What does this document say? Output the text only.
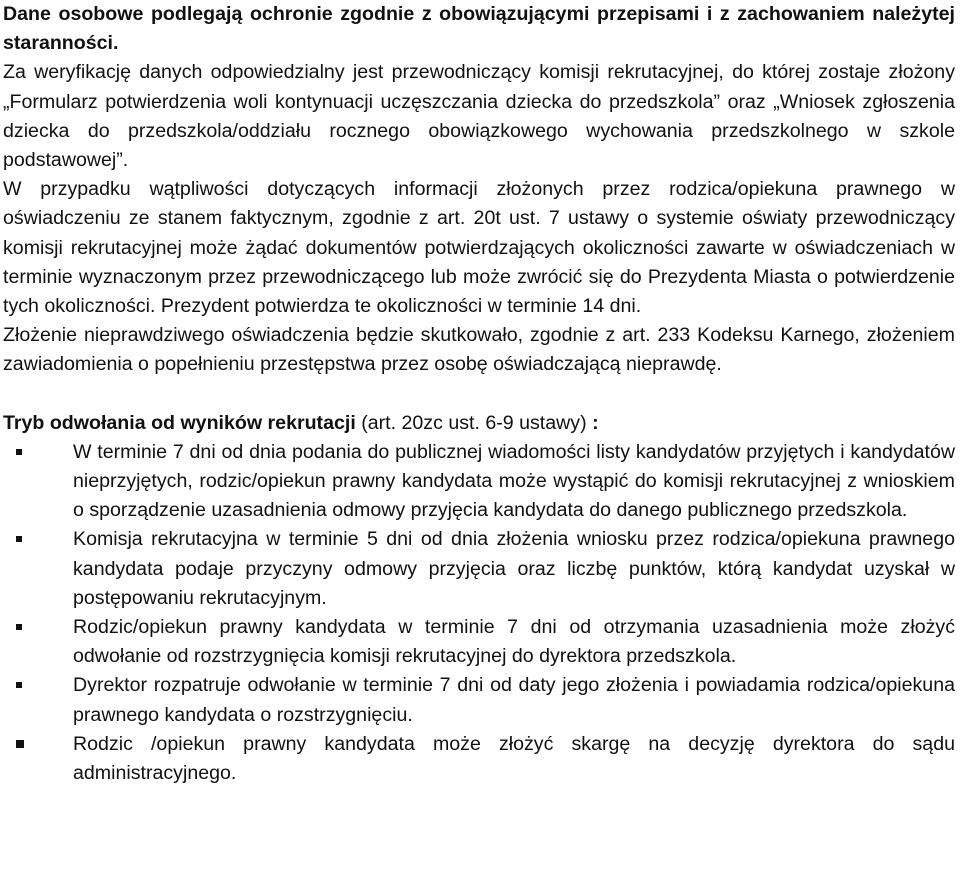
Dane osobowe podlegają ochronie zgodnie z obowiązującymi przepisami i z zachowaniem należytej staranności.

Za weryfikację danych odpowiedzialny jest przewodniczący komisji rekrutacyjnej, do której zostaje złożony „Formularz potwierdzenia woli kontynuacji uczęszczania dziecka do przedszkola” oraz „Wniosek zgłoszenia dziecka do przedszkola/oddziału rocznego obowiązkowego wychowania przedszkolnego w szkole podstawowej”.

W przypadku wątpliwości dotyczących informacji złożonych przez rodzica/opiekuna prawnego w oświadczeniu ze stanem faktycznym, zgodnie z art. 20t ust. 7 ustawy o systemie oświaty przewodniczący komisji rekrutacyjnej może żądać dokumentów potwierdzających okoliczności zawarte w oświadczeniach w terminie wyznaczonym przez przewodniczącego lub może zwrócić się do Prezydenta Miasta o potwierdzenie tych okoliczności. Prezydent potwierdza te okoliczności w terminie 14 dni.

Złożenie nieprawdziwego oświadczenia będzie skutkowało, zgodnie z art. 233 Kodeksu Karnego, złożeniem zawiadomienia o popełnieniu przestępstwa przez osobę oświadczającą nieprawdę.

Tryb odwołania od wyników rekrutacji (art. 20zc ust. 6-9 ustawy) :

W terminie 7 dni od dnia podania do publicznej wiadomości listy kandydatów przyjętych i kandydatów nieprzyjętych, rodzic/opiekun prawny kandydata może wystąpić do komisji rekrutacyjnej z wnioskiem o sporządzenie uzasadnienia odmowy przyjęcia kandydata do danego publicznego przedszkola.
Komisja rekrutacyjna w terminie 5 dni od dnia złożenia wniosku przez rodzica/opiekuna prawnego kandydata podaje przyczyny odmowy przyjęcia oraz liczbę punktów, którą kandydat uzyskał w postępowaniu rekrutacyjnym.
Rodzic/opiekun prawny kandydata w terminie 7 dni od otrzymania uzasadnienia może złożyć odwołanie od rozstrzygnięcia komisji rekrutacyjnej do dyrektora przedszkola.
Dyrektor rozpatruje odwołanie w terminie 7 dni od daty jego złożenia i powiadamia rodzica/opiekuna prawnego kandydata o rozstrzygnięciu.
Rodzic /opiekun prawny kandydata może złożyć skargę na decyzję dyrektora do sądu administracyjnego.
